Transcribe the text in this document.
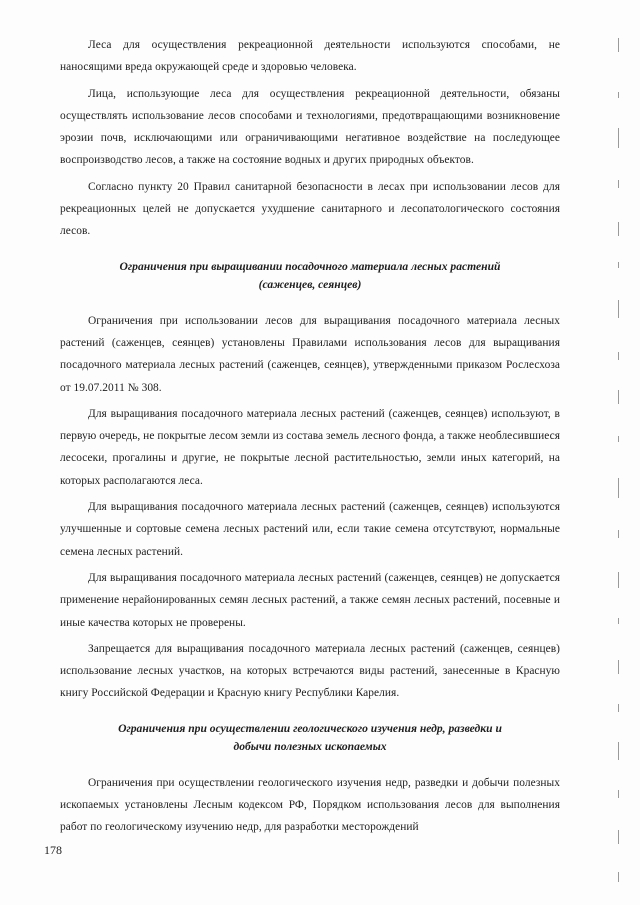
Леса для осуществления рекреационной деятельности используются способами, не наносящими вреда окружающей среде и здоровью человека.

Лица, использующие леса для осуществления рекреационной деятельности, обязаны осуществлять использование лесов способами и технологиями, предотвращающими возникновение эрозии почв, исключающими или ограничивающими негативное воздействие на последующее воспроизводство лесов, а также на состояние водных и других природных объектов.

Согласно пункту 20 Правил санитарной безопасности в лесах при использовании лесов для рекреационных целей не допускается ухудшение санитарного и лесопатологического состояния лесов.

Ограничения при выращивании посадочного материала лесных растений (саженцев, сеянцев)

Ограничения при использовании лесов для выращивания посадочного материала лесных растений (саженцев, сеянцев) установлены Правилами использования лесов для выращивания посадочного материала лесных растений (саженцев, сеянцев), утвержденными приказом Рослесхоза от 19.07.2011 № 308.

Для выращивания посадочного материала лесных растений (саженцев, сеянцев) используют, в первую очередь, не покрытые лесом земли из состава земель лесного фонда, а также необлесившиеся лесосеки, прогалины и другие, не покрытые лесной растительностью, земли иных категорий, на которых располагаются леса.

Для выращивания посадочного материала лесных растений (саженцев, сеянцев) используются улучшенные и сортовые семена лесных растений или, если такие семена отсутствуют, нормальные семена лесных растений.

Для выращивания посадочного материала лесных растений (саженцев, сеянцев) не допускается применение нерайонированных семян лесных растений, а также семян лесных растений, посевные и иные качества которых не проверены.

Запрещается для выращивания посадочного материала лесных растений (саженцев, сеянцев) использование лесных участков, на которых встречаются виды растений, занесенные в Красную книгу Российской Федерации и Красную книгу Республики Карелия.

Ограничения при осуществлении геологического изучения недр, разведки и добычи полезных ископаемых

Ограничения при осуществлении геологического изучения недр, разведки и добычи полезных ископаемых установлены Лесным кодексом РФ, Порядком использования лесов для выполнения работ по геологическому изучению недр, для разработки месторождений

178
